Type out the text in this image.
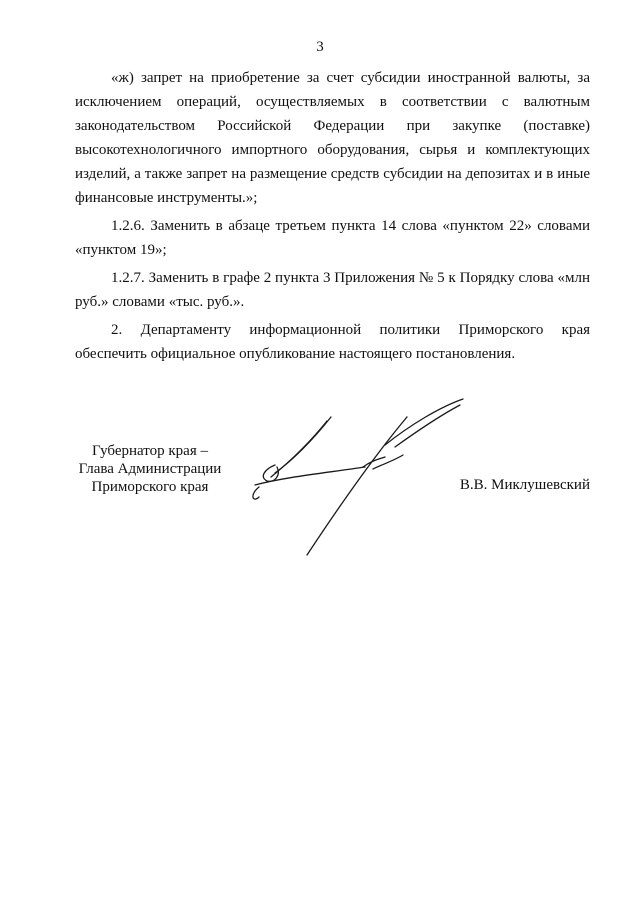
3

«ж) запрет на приобретение за счет субсидии иностранной валюты, за исключением операций, осуществляемых в соответствии с валютным законодательством Российской Федерации при закупке (поставке) высокотехнологичного импортного оборудования, сырья и комплектующих изделий, а также запрет на размещение средств субсидии на депозитах и в иные финансовые инструменты.»;

1.2.6. Заменить в абзаце третьем пункта 14 слова «пунктом 22» словами «пунктом 19»;

1.2.7. Заменить в графе 2 пункта 3 Приложения № 5 к Порядку слова «млн руб.» словами «тыс. руб.».

2. Департаменту информационной политики Приморского края обеспечить официальное опубликование настоящего постановления.

Губернатор края –
Глава Администрации
Приморского края	В.В. Миклушевский
